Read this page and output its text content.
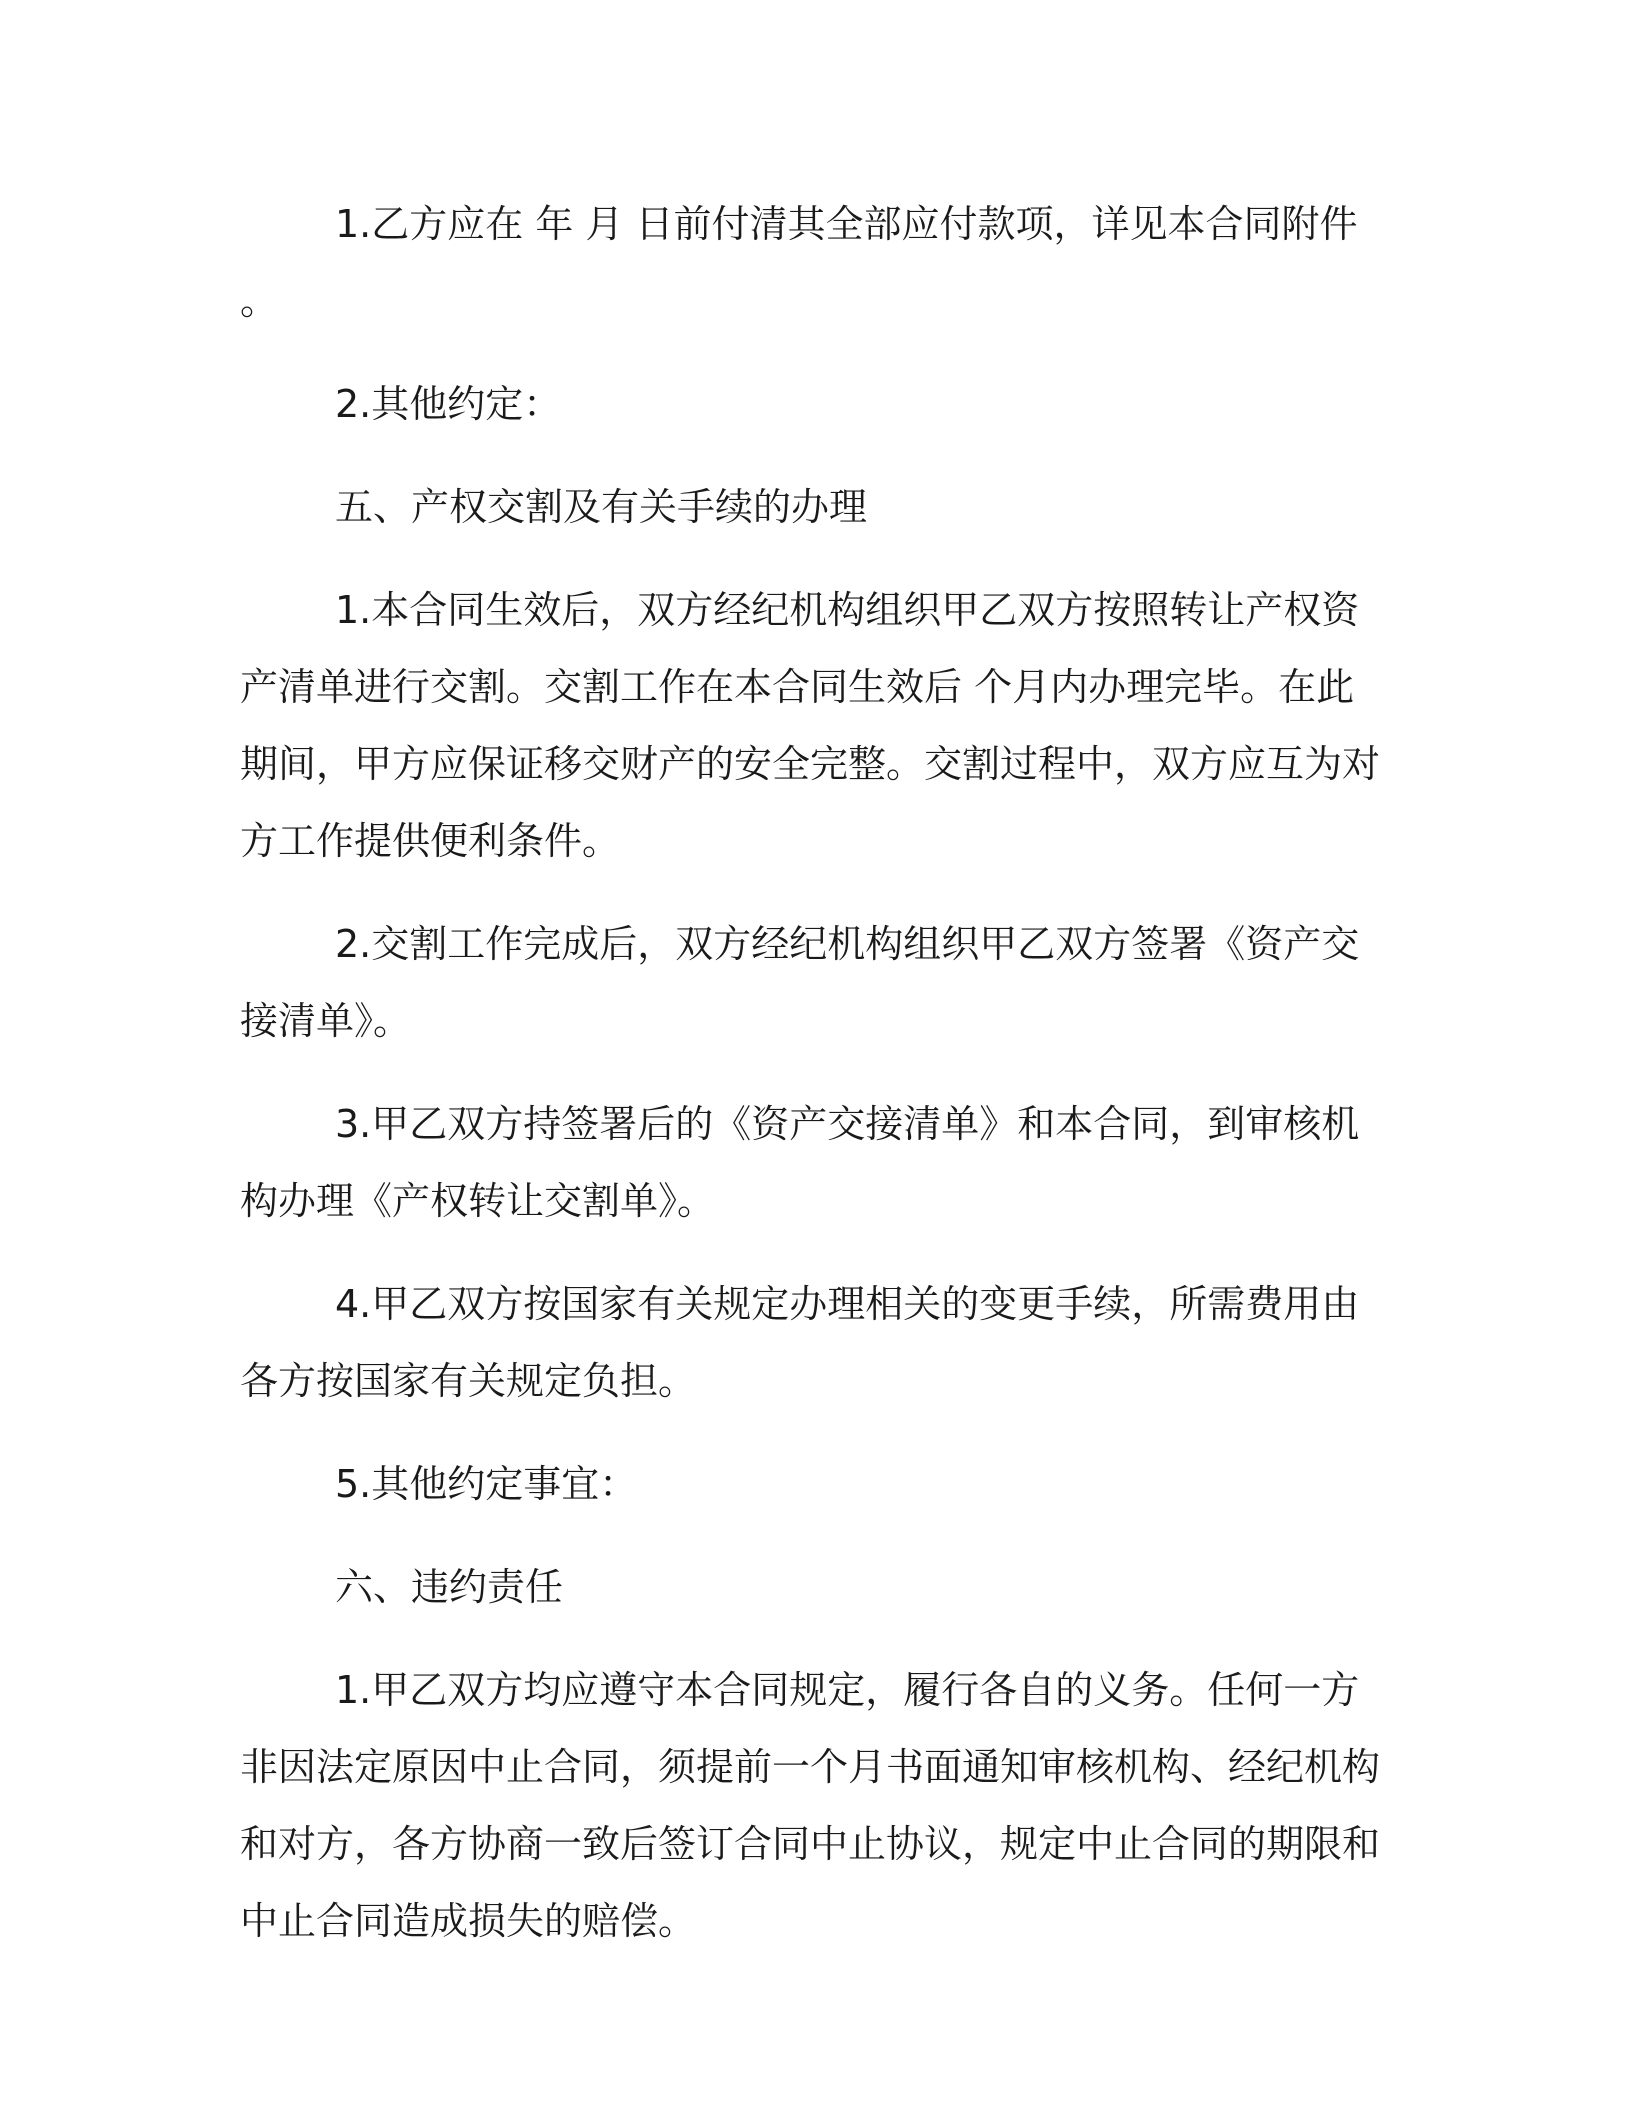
1.乙方应在 年 月 日前付清其全部应付款项，详见本合同附件 。

2.其他约定：

五、产权交割及有关手续的办理

1.本合同生效后，双方经纪机构组织甲乙双方按照转让产权资产清单进行交割。交割工作在本合同生效后 个月内办理完毕。在此期间，甲方应保证移交财产的安全完整。交割过程中，双方应互为对方工作提供便利条件。

2.交割工作完成后，双方经纪机构组织甲乙双方签署《资产交接清单》。

3.甲乙双方持签署后的《资产交接清单》和本合同，到审核机构办理《产权转让交割单》。

4.甲乙双方按国家有关规定办理相关的变更手续，所需费用由各方按国家有关规定负担。

5.其他约定事宜：

六、违约责任

1.甲乙双方均应遵守本合同规定，履行各自的义务。任何一方非因法定原因中止合同，须提前一个月书面通知审核机构、经纪机构和对方，各方协商一致后签订合同中止协议，规定中止合同的期限和中止合同造成损失的赔偿。
